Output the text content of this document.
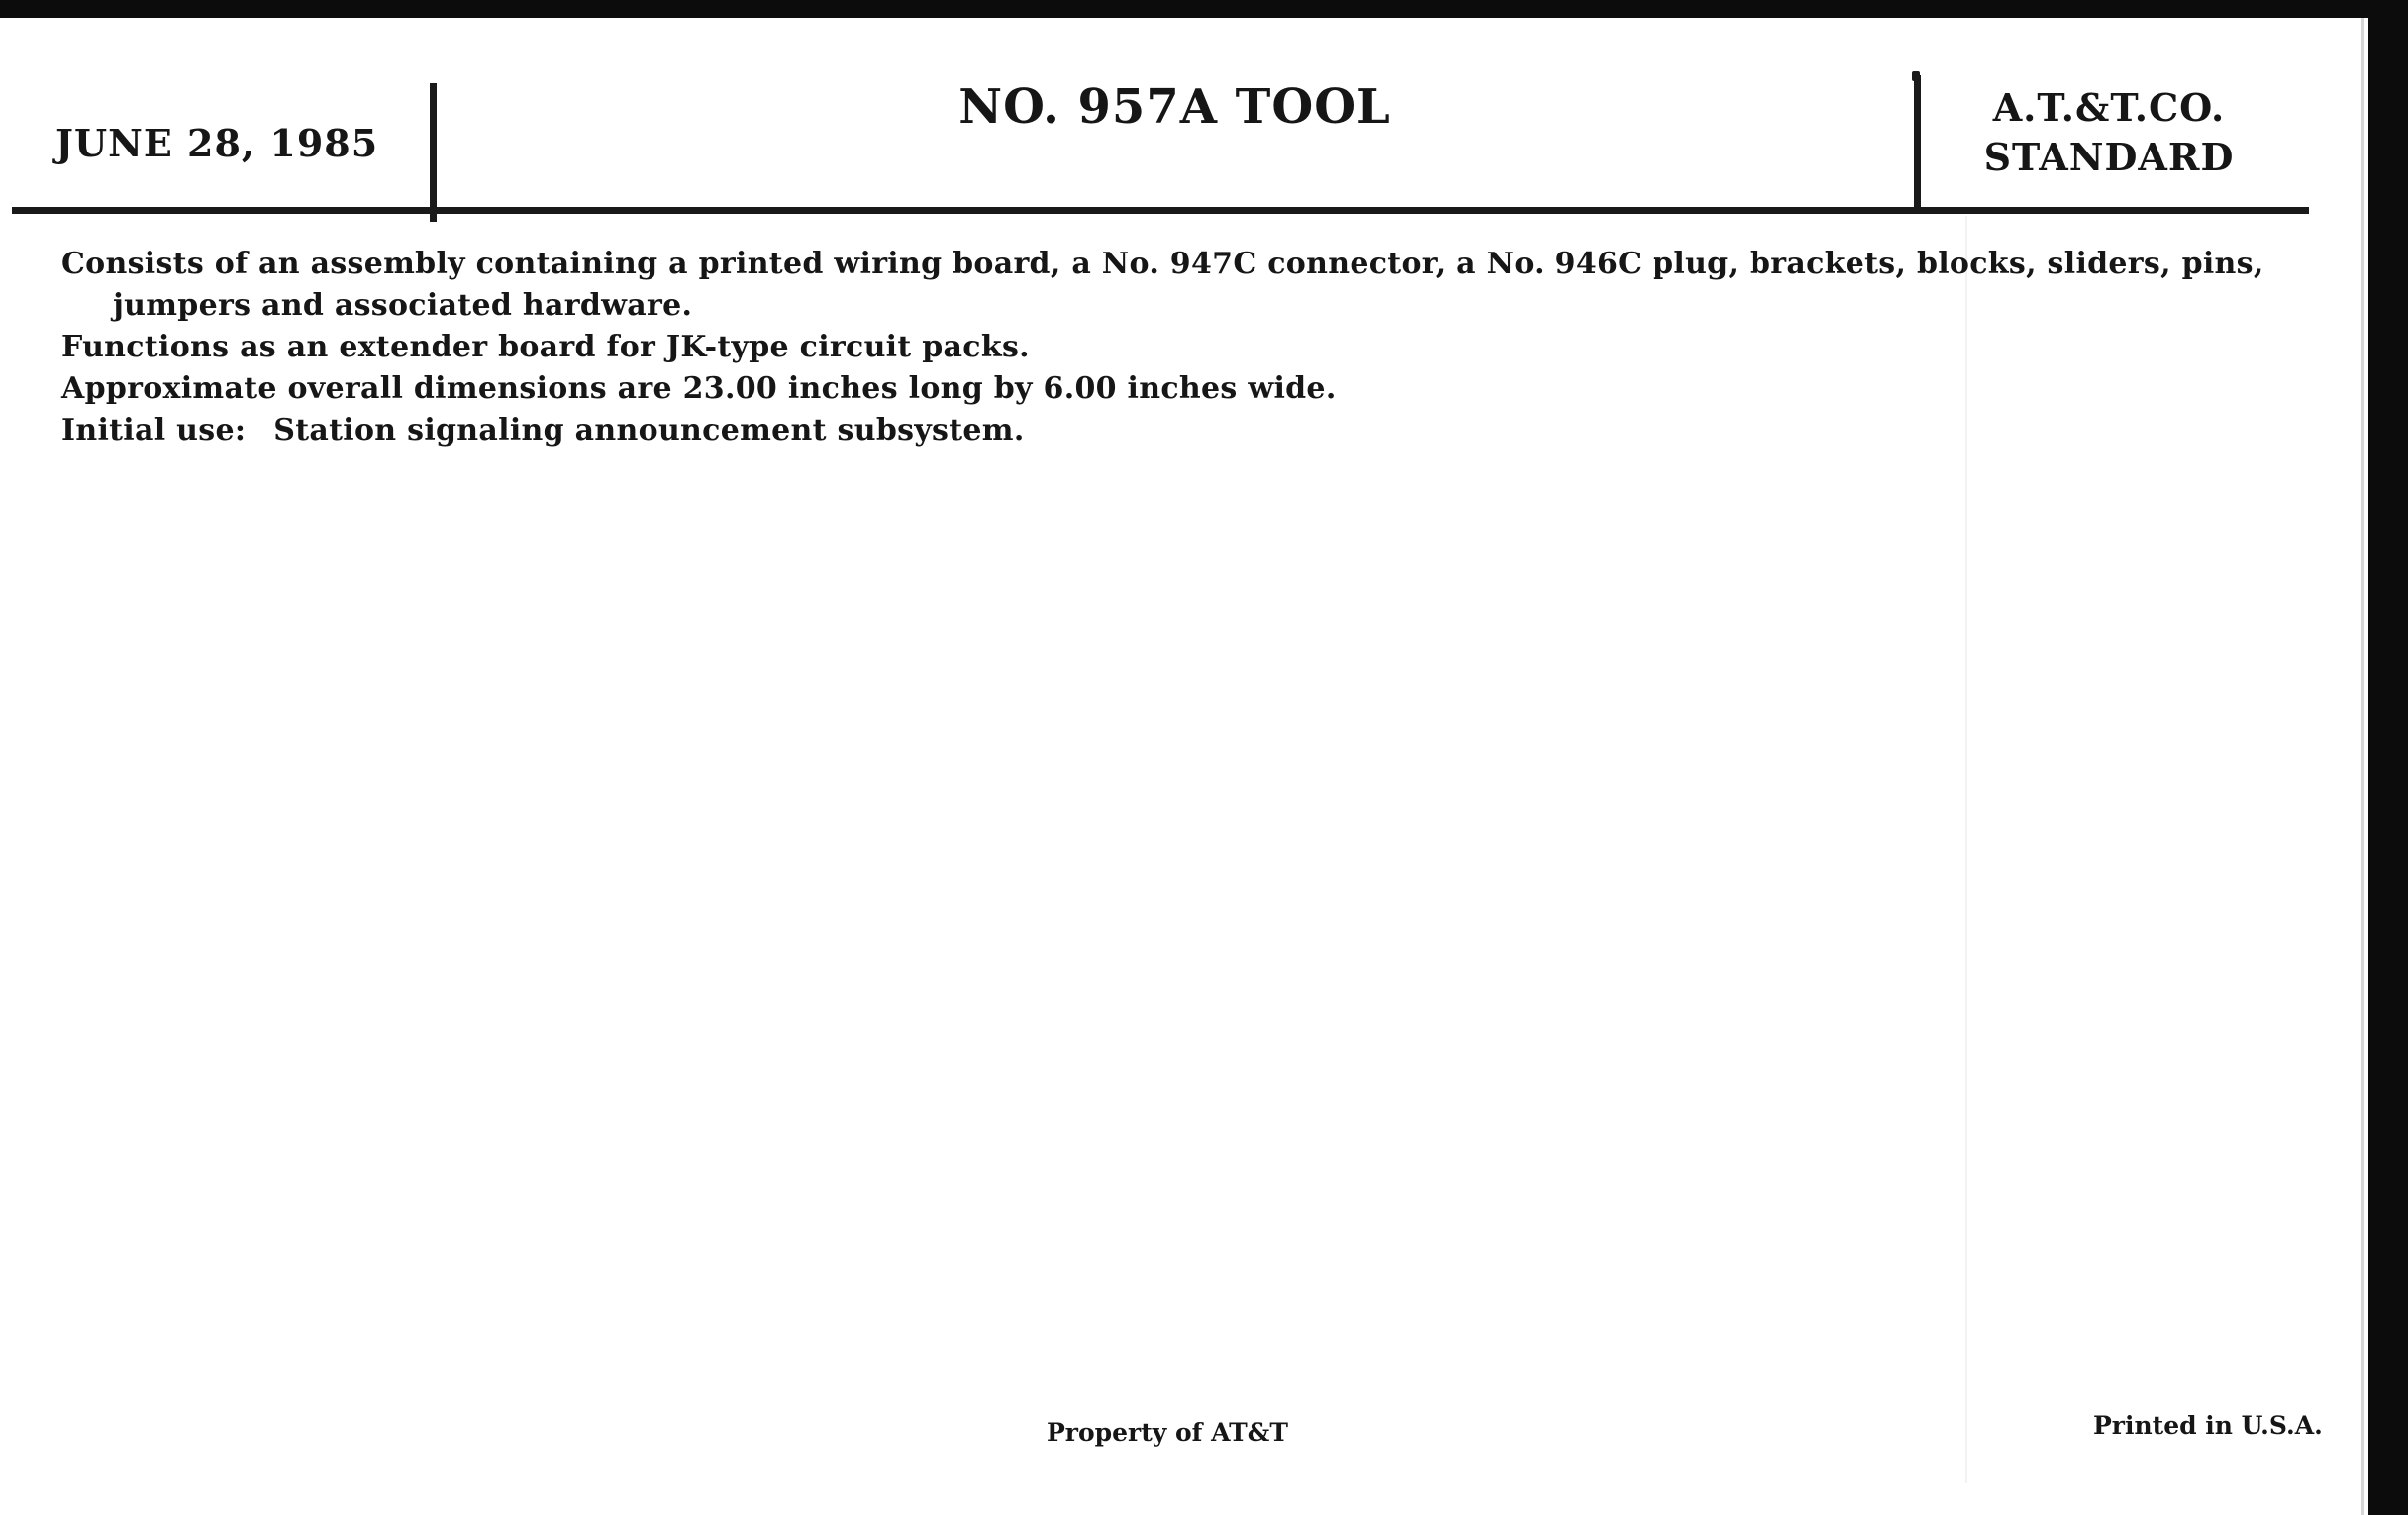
JUNE 28, 1985
NO. 957A TOOL	A.T.&T.CO.
STANDARD

Consists of an assembly containing a printed wiring board, a No. 947C connector, a No. 946C plug, brackets, blocks, sliders, pins, jumpers and associated hardware.

Functions as an extender board for JK-type circuit packs.

Approximate overall dimensions are 23.00 inches long by 6.00 inches wide.

Initial use: Station signaling announcement subsystem.

Property of AT&T	Printed in U.S.A.
